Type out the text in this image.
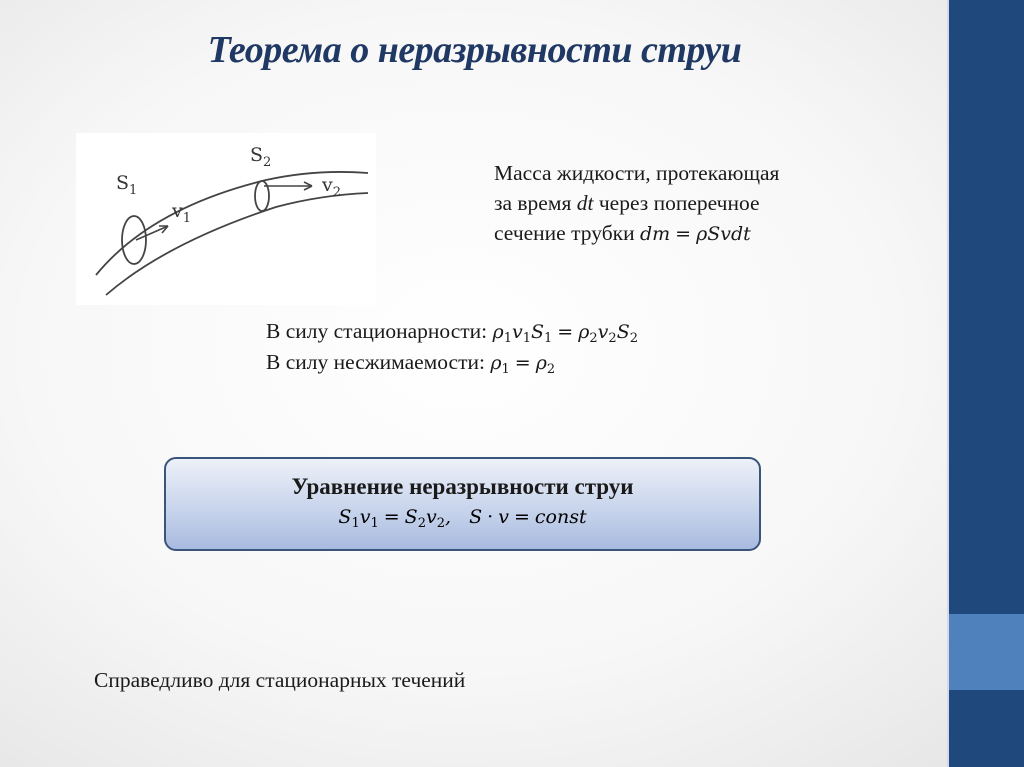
Теорема о неразрывности струи
$S_1$
$S_2$
$v_1$
$v_2$
Масса жидкости, протекающая
за время dt через поперечное
сечение трубки dm = ρSvdt
В силу стационарности: $\rho_1v_1S_1 = \rho_2v_2S_2$
В силу несжимаемости: $\rho_1 = \rho_2$
Уравнение неразрывности струи
$S_1v_1 = S_2v_2$,   S · v = const
Справедливо для стационарных течений
